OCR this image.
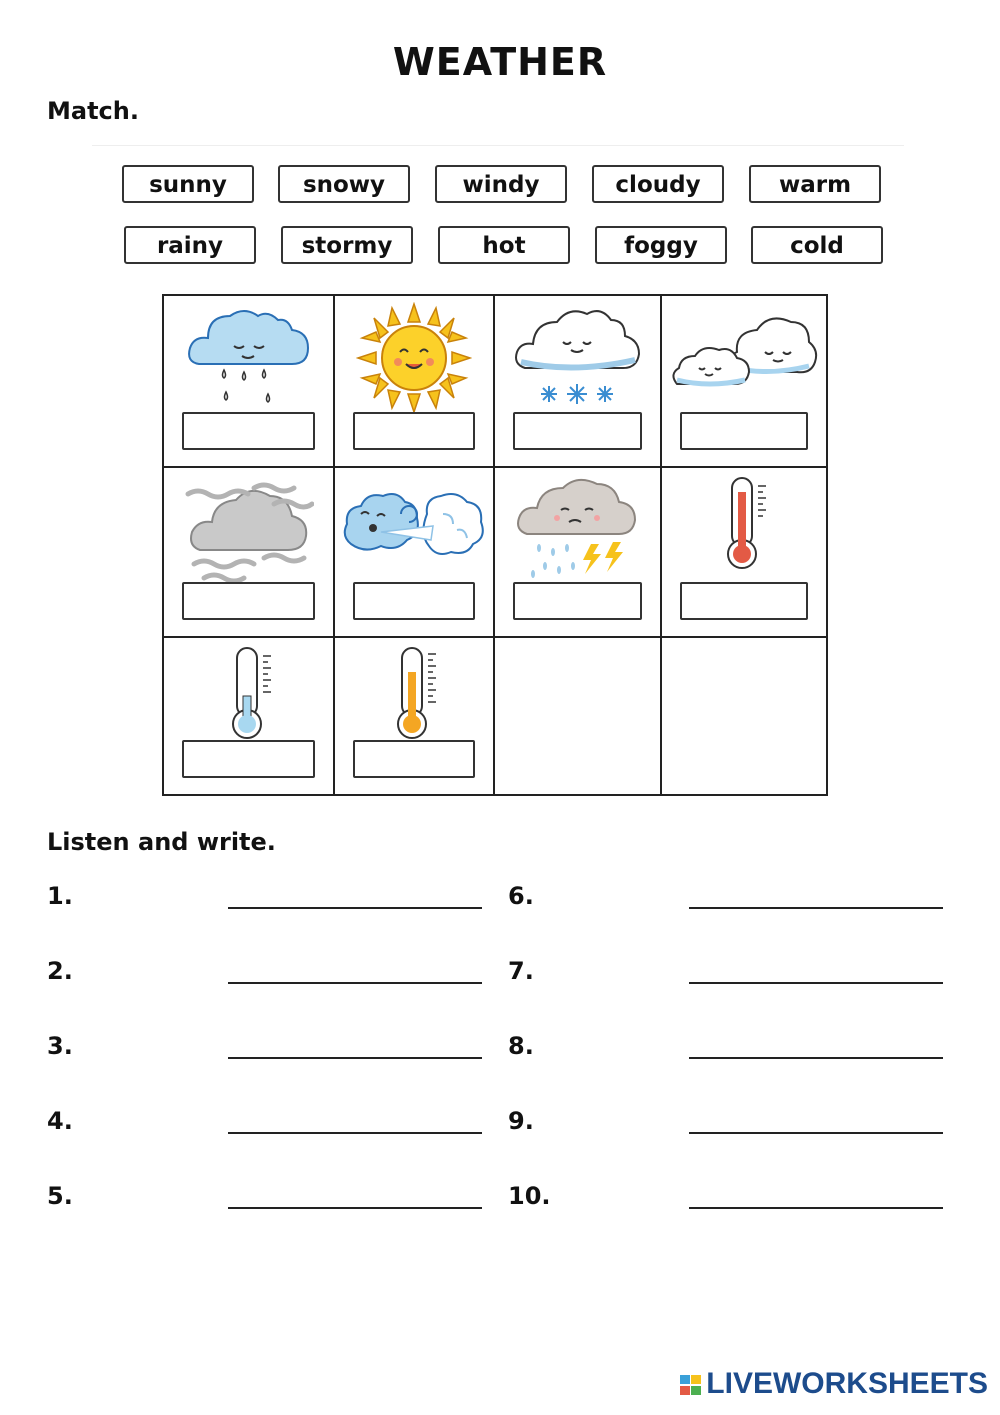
WEATHER
Match.
sunny	snowy	windy	cloudy	warm
rainy	stormy	hot	foggy	cold

Listen and write.
1.
2.
3.
4.
5.
6.
7.
8.
9.
10.
LIVEWORKSHEETS
